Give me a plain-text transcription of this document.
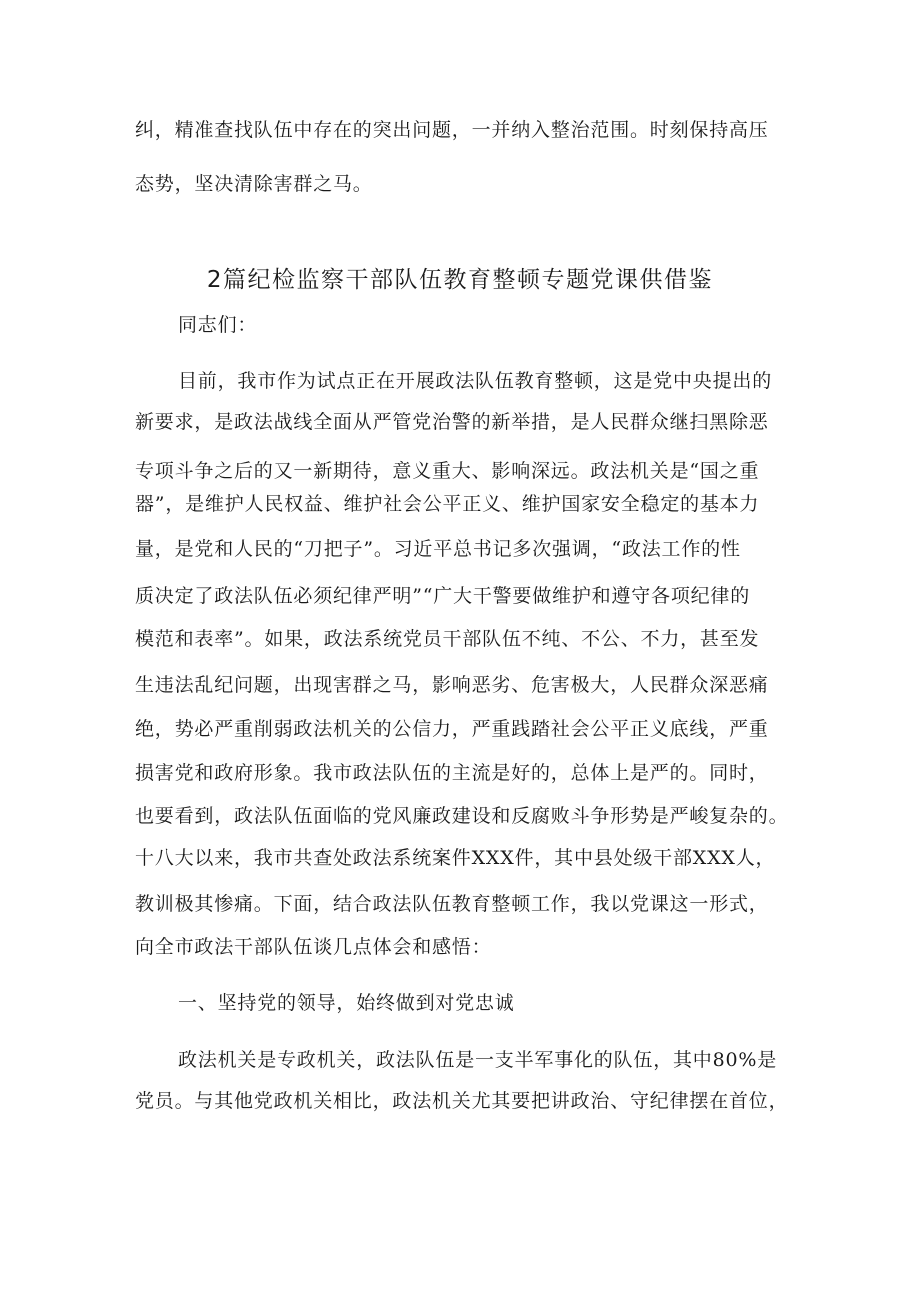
纠，精准查找队伍中存在的突出问题，一并纳入整治范围。时刻保持高压
态势，坚决清除害群之马。
2篇纪检监察干部队伍教育整顿专题党课供借鉴
同志们：
目前，我市作为试点正在开展政法队伍教育整顿，这是党中央提出的
新要求，是政法战线全面从严管党治警的新举措，是人民群众继扫黑除恶
专项斗争之后的又一新期待，意义重大、影响深远。政法机关是“国之重
器”，是维护人民权益、维护社会公平正义、维护国家安全稳定的基本力
量，是党和人民的“刀把子”。习近平总书记多次强调，“政法工作的性
质决定了政法队伍必须纪律严明”“广大干警要做维护和遵守各项纪律的
模范和表率”。如果，政法系统党员干部队伍不纯、不公、不力，甚至发
生违法乱纪问题，出现害群之马，影响恶劣、危害极大，人民群众深恶痛
绝，势必严重削弱政法机关的公信力，严重践踏社会公平正义底线，严重
损害党和政府形象。我市政法队伍的主流是好的，总体上是严的。同时，
也要看到，政法队伍面临的党风廉政建设和反腐败斗争形势是严峻复杂的。
十八大以来，我市共查处政法系统案件XXX件，其中县处级干部XXX人，
教训极其惨痛。下面，结合政法队伍教育整顿工作，我以党课这一形式，
向全市政法干部队伍谈几点体会和感悟：
一、坚持党的领导，始终做到对党忠诚
政法机关是专政机关，政法队伍是一支半军事化的队伍，其中80%是
党员。与其他党政机关相比，政法机关尤其要把讲政治、守纪律摆在首位，
